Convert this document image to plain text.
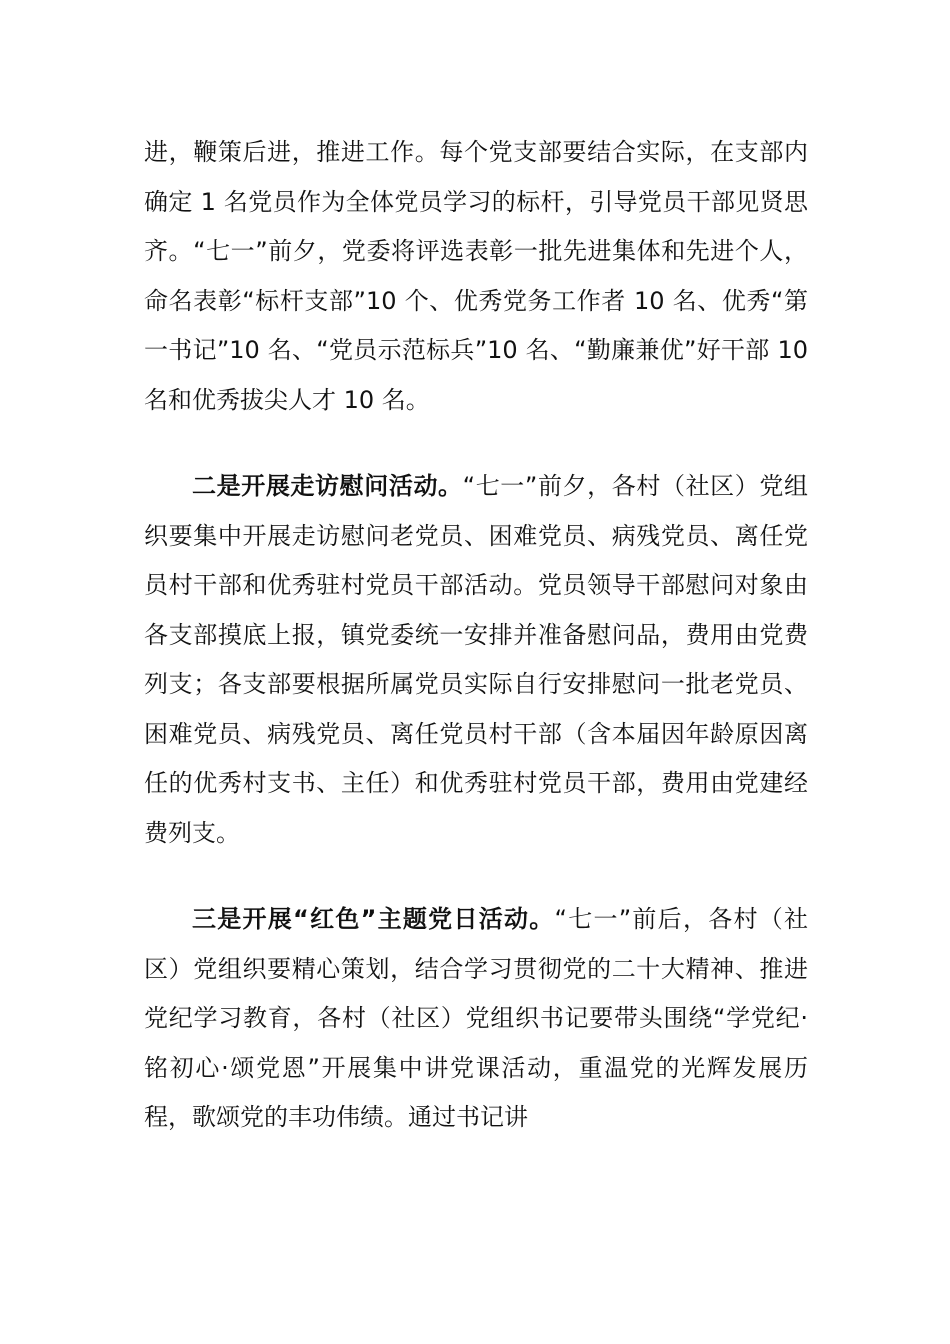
进，鞭策后进，推进工作。每个党支部要结合实际，在支部内确定 1 名党员作为全体党员学习的标杆，引导党员干部见贤思齐。“七一”前夕，党委将评选表彰一批先进集体和先进个人，命名表彰“标杆支部”10 个、优秀党务工作者 10 名、优秀“第一书记”10 名、“党员示范标兵”10 名、“勤廉兼优”好干部 10 名和优秀拔尖人才 10 名。

二是开展走访慰问活动。“七一”前夕，各村（社区）党组织要集中开展走访慰问老党员、困难党员、病残党员、离任党员村干部和优秀驻村党员干部活动。党员领导干部慰问对象由各支部摸底上报，镇党委统一安排并准备慰问品，费用由党费列支；各支部要根据所属党员实际自行安排慰问一批老党员、困难党员、病残党员、离任党员村干部（含本届因年龄原因离任的优秀村支书、主任）和优秀驻村党员干部，费用由党建经费列支。

三是开展“红色”主题党日活动。“七一”前后，各村（社区）党组织要精心策划，结合学习贯彻党的二十大精神、推进党纪学习教育，各村（社区）党组织书记要带头围绕“学党纪·铭初心·颂党恩”开展集中讲党课活动，重温党的光辉发展历程，歌颂党的丰功伟绩。通过书记讲
